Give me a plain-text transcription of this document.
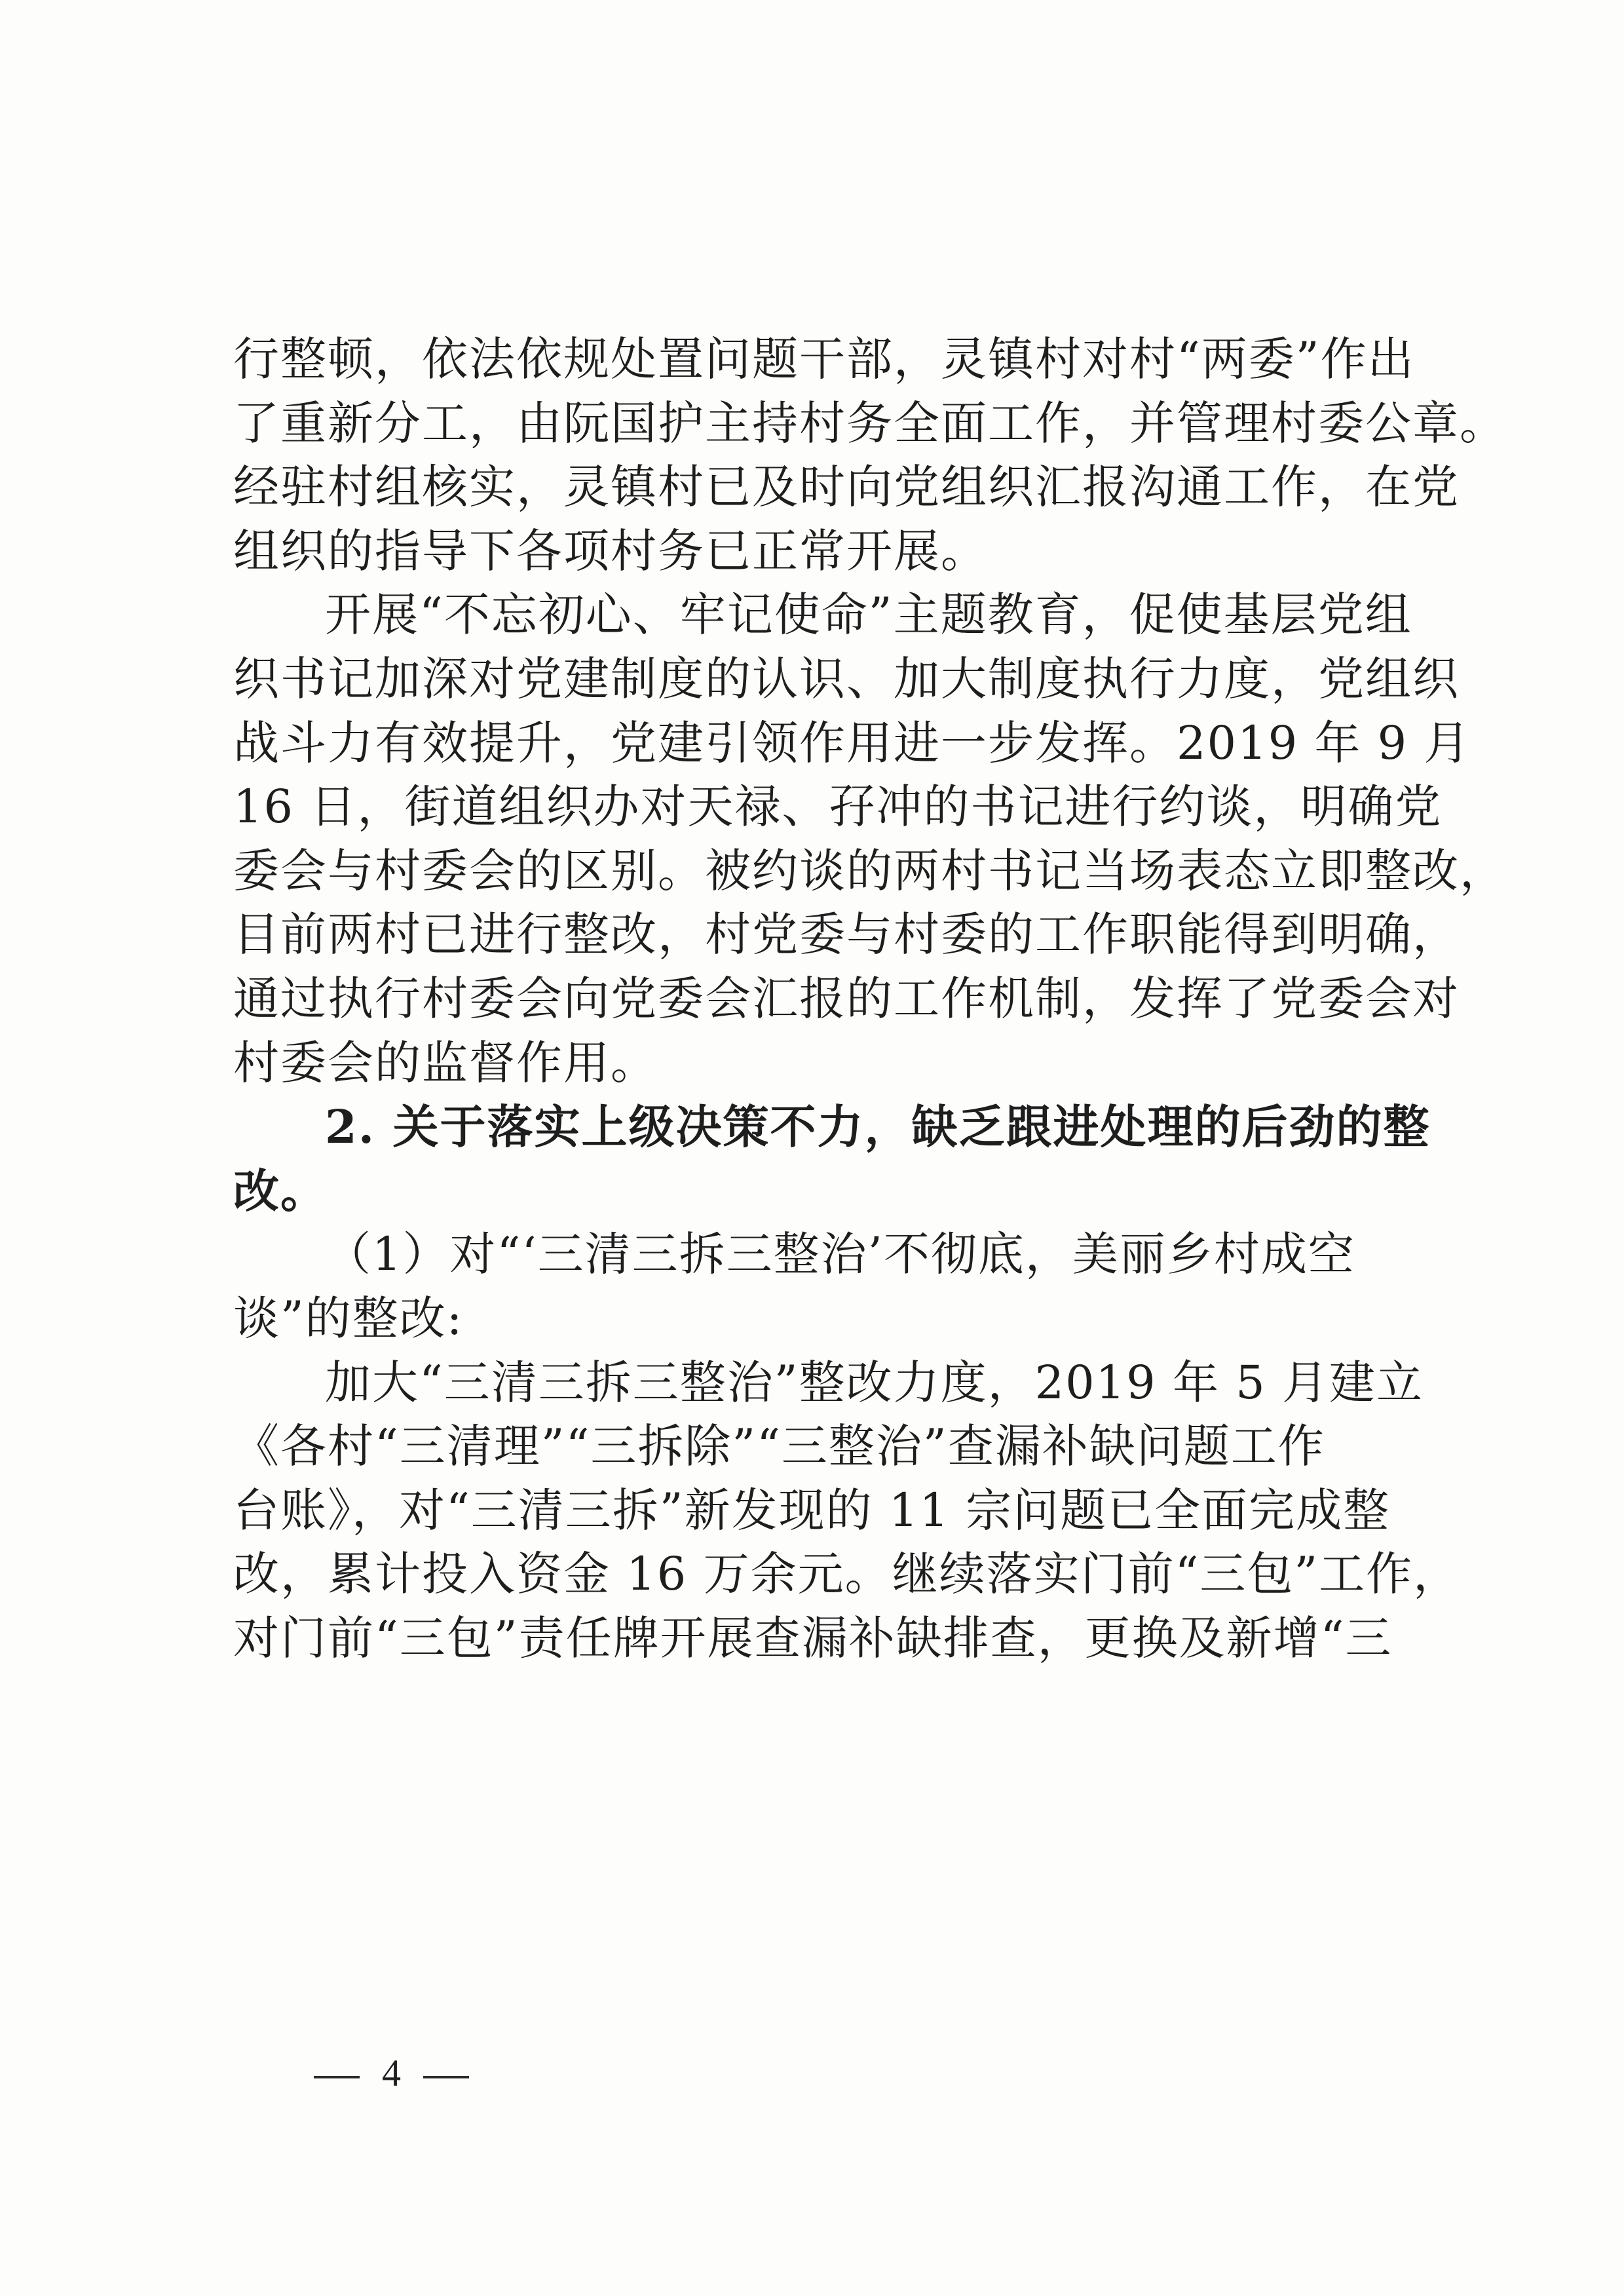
行整顿，依法依规处置问题干部，灵镇村对村“两委”作出
了重新分工，由阮国护主持村务全面工作，并管理村委公章。
经驻村组核实，灵镇村已及时向党组织汇报沟通工作，在党
组织的指导下各项村务已正常开展。
开展“不忘初心、牢记使命”主题教育，促使基层党组
织书记加深对党建制度的认识、加大制度执行力度，党组织
战斗力有效提升，党建引领作用进一步发挥。2019 年 9 月
16 日，街道组织办对天禄、孖冲的书记进行约谈，明确党
委会与村委会的区别。被约谈的两村书记当场表态立即整改，
目前两村已进行整改，村党委与村委的工作职能得到明确，
通过执行村委会向党委会汇报的工作机制，发挥了党委会对
村委会的监督作用。
2. 关于落实上级决策不力，缺乏跟进处理的后劲的整
改。
（1）对“‘三清三拆三整治’不彻底，美丽乡村成空
谈”的整改:
加大“三清三拆三整治”整改力度，2019 年 5 月建立
《各村“三清理”“三拆除”“三整治”查漏补缺问题工作
台账》，对“三清三拆”新发现的 11 宗问题已全面完成整
改，累计投入资金 16 万余元。继续落实门前“三包”工作，
对门前“三包”责任牌开展查漏补缺排查，更换及新增“三
4
